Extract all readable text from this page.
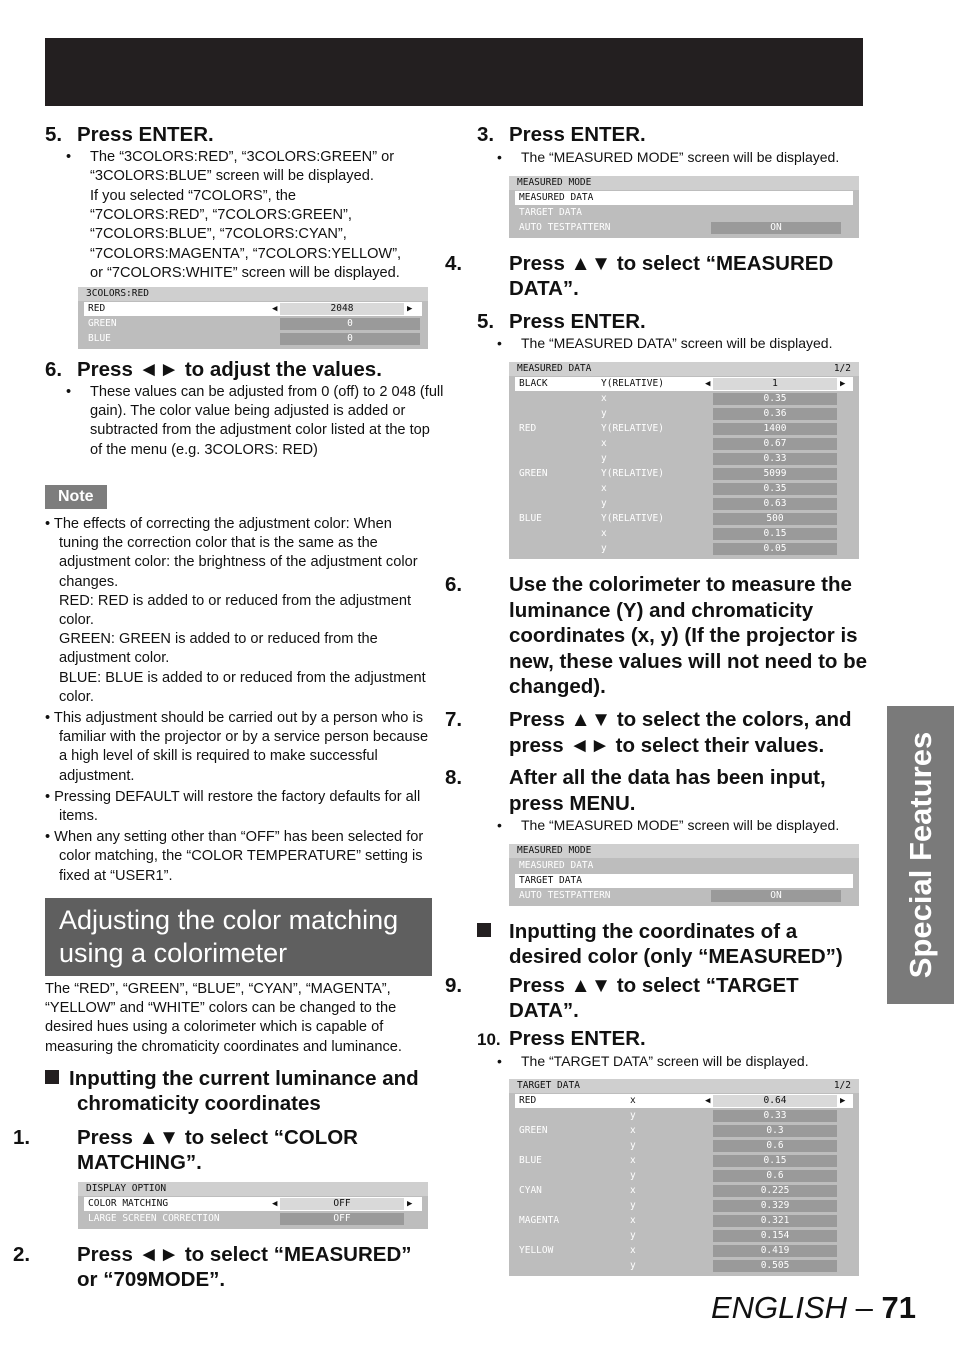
5. Press ENTER.
• The “3COLORS:RED”, “3COLORS:GREEN” or “3COLORS:BLUE” screen will be displayed.
If you selected “7COLORS”, the
“7COLORS:RED”, “7COLORS:GREEN”,
“7COLORS:BLUE”, “7COLORS:CYAN”,
“7COLORS:MAGENTA”, “7COLORS:YELLOW”,
or “7COLORS:WHITE” screen will be displayed.
3COLORS:RED
RED	◀	2048	▶
GREEN	0
BLUE	0
6. Press ◄► to adjust the values.
• These values can be adjusted from 0 (off) to 2 048 (full gain). The color value being adjusted is added or subtracted from the adjustment color listed at the top of the menu (e.g. 3COLORS: RED)
Note
• The effects of correcting the adjustment color: When tuning the correction color that is the same as the adjustment color: the brightness of the adjustment color changes.
RED: RED is added to or reduced from the adjustment color.
GREEN: GREEN is added to or reduced from the adjustment color.
BLUE: BLUE is added to or reduced from the adjustment color.
• This adjustment should be carried out by a person who is familiar with the projector or by a service person because a high level of skill is required to make successful adjustment.
• Pressing DEFAULT will restore the factory defaults for all items.
• When any setting other than “OFF” has been selected for color matching, the “COLOR TEMPERATURE” setting is fixed at “USER1”.
Adjusting the color matching using a colorimeter
The “RED”, “GREEN”, “BLUE”, “CYAN”, “MAGENTA”, “YELLOW” and “WHITE” colors can be changed to the desired hues using a colorimeter which is capable of measuring the chromaticity coordinates and luminance.
Inputting the current luminance and chromaticity coordinates
1. Press ▲▼ to select “COLOR MATCHING”.
DISPLAY OPTION
COLOR MATCHING	◀	OFF	▶
LARGE SCREEN CORRECTION	OFF
2. Press ◄► to select “MEASURED” or “709MODE”.
3. Press ENTER.
• The “MEASURED MODE” screen will be displayed.
MEASURED MODE
MEASURED DATA
TARGET DATA
AUTO TESTPATTERN	ON
4. Press ▲▼ to select “MEASURED DATA”.
5. Press ENTER.
• The “MEASURED DATA” screen will be displayed.
MEASURED DATA	1/2
BLACK	Y(RELATIVE)	◀	1	▶
x	0.35
y	0.36
RED	Y(RELATIVE)	1400
x	0.67
y	0.33
GREEN	Y(RELATIVE)	5099
x	0.35
y	0.63
BLUE	Y(RELATIVE)	500
x	0.15
y	0.05
6. Use the colorimeter to measure the luminance (Y) and chromaticity coordinates (x, y) (If the projector is new, these values will not need to be changed).
7. Press ▲▼ to select the colors, and press ◄► to select their values.
8. After all the data has been input, press MENU.
• The “MEASURED MODE” screen will be displayed.
MEASURED MODE
MEASURED DATA
TARGET DATA
AUTO TESTPATTERN	ON
Inputting the coordinates of a desired color (only “MEASURED”)
9. Press ▲▼ to select “TARGET DATA”.
10. Press ENTER.
• The “TARGET DATA” screen will be displayed.
TARGET DATA	1/2
RED	x	◀	0.64	▶
y	0.33
GREEN	x	0.3
y	0.6
BLUE	x	0.15
y	0.6
CYAN	x	0.225
y	0.329
MAGENTA	x	0.321
y	0.154
YELLOW	x	0.419
y	0.505
Special Features
ENGLISH – 71
